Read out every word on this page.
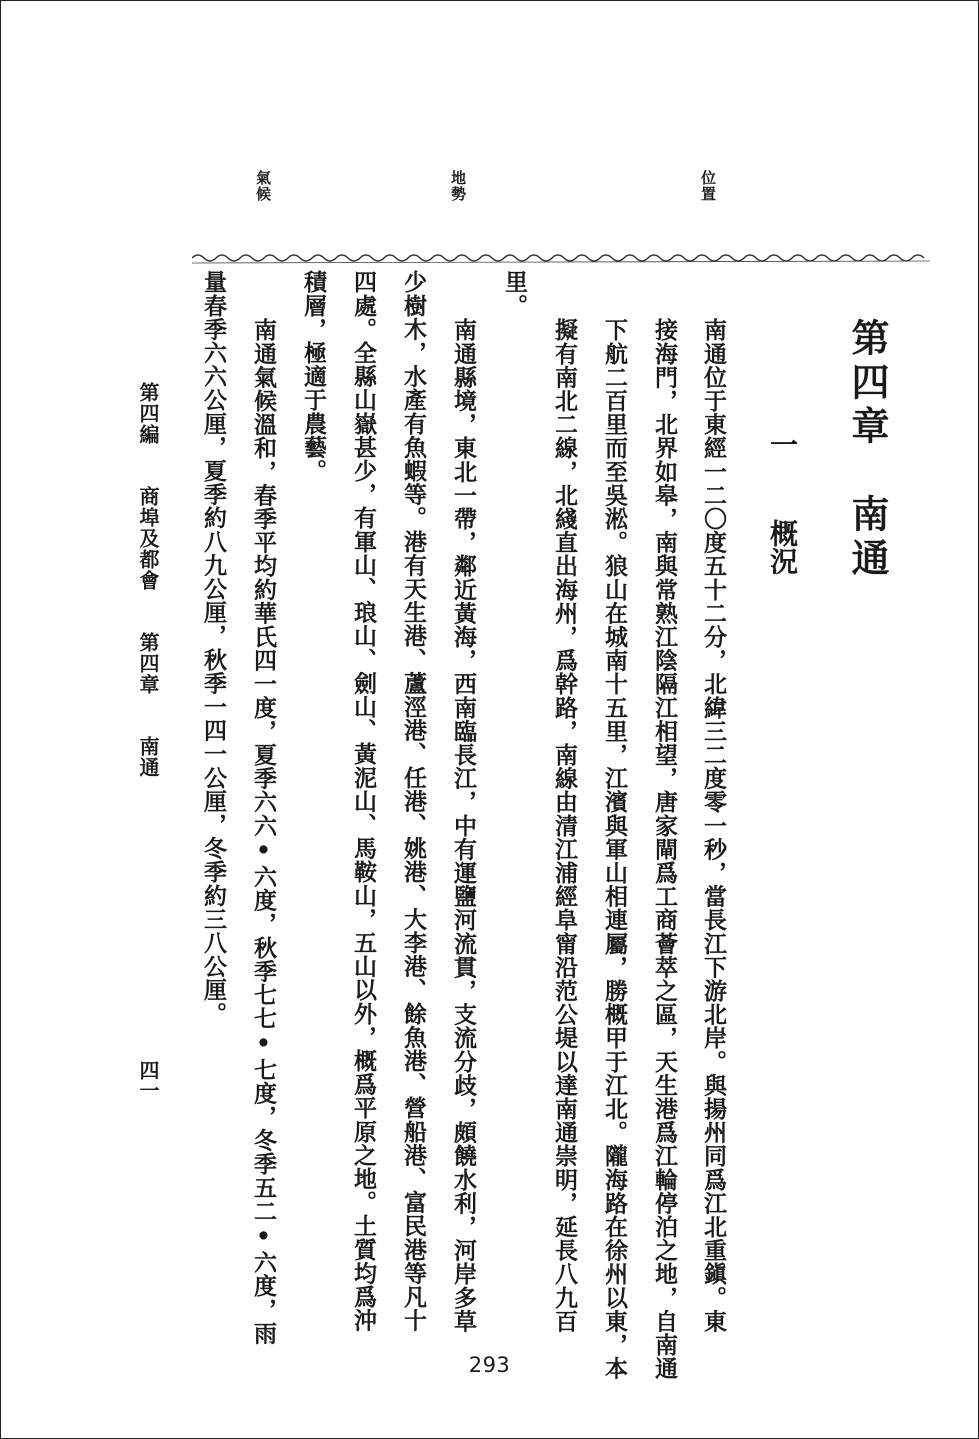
位置
地勢
氣候
第四章　南通
一 概況
南通位于東經一二〇度五十二分，北緯三二度零一秒，當長江下游北岸。與揚州同爲江北重鎭。東
接海門，北界如皋，南與常熟江陰隔江相望，唐家閘爲工商薈萃之區，天生港爲江輪停泊之地，自南通
下航二百里而至吳淞。狼山在城南十五里，江濱與軍山相連屬，勝概甲于江北。隴海路在徐州以東，本
擬有南北二線，北綫直出海州，爲幹路，南線由清江浦經阜甯沿范公堤以達南通崇明，延長八九百
里。
南通縣境，東北一帶，鄰近黃海，西南臨長江，中有運鹽河流貫，支流分歧，頗饒水利，河岸多草
少樹木，水產有魚蝦等。港有天生港、蘆涇港、任港、姚港、大李港、餘魚港、營船港、富民港等凡十
四處。全縣山嶽甚少，有軍山、琅山、劍山、黃泥山、馬鞍山，五山以外，概爲平原之地。土質均爲沖
積層，極適于農藝。
南通氣候溫和，春季平均約華氏四一度，夏季六六•六度，秋季七七•七度，冬季五二•六度，雨
量春季六六公厘，夏季約八九公厘，秋季一四一公厘，冬季約三八公厘。
第四編 商埠及都會 第四章 南通
四一
293
